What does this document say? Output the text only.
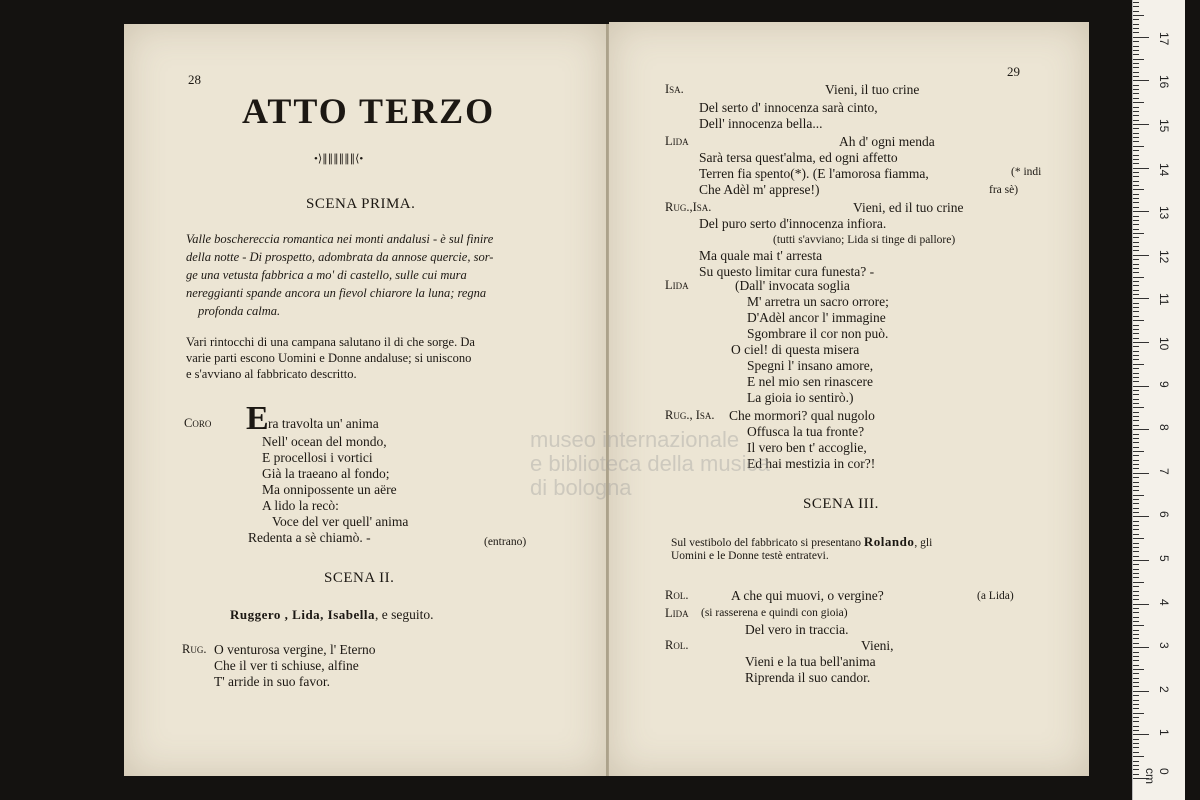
28
ATTO TERZO
•⟩∥∥∥∥∥∥⟨•
SCENA PRIMA.
Valle boschereccia romantica nei monti andalusi - è sul finire
della notte - Di prospetto, adombrata da annose quercie, sor-
ge una vetusta fabbrica a mo' di castello, sulle cui mura
nereggianti spande ancora un fievol chiarore la luna; regna
profonda calma.
Vari rintocchi di una campana salutano il di che sorge. Da
varie parti escono Uomini e Donne andaluse; si uniscono
e s'avviano al fabbricato descritto.
Coro E ra travolta un' anima
Nell' ocean del mondo,
E procellosi i vortici
Già la traeano al fondo;
Ma onnipossente un aëre
A lido la recò:
Voce del ver quell' anima
Redenta a sè chiamò. -	(entrano)
SCENA II.
Ruggero , Lida, Isabella, e seguito.
Rug. O venturosa vergine, l' Eterno
Che il ver ti schiuse, alfine
T' arride in suo favor.
29
Isa.	Vieni, il tuo crine
Del serto d' innocenza sarà cinto,
Dell' innocenza bella...
Lida	Ah d' ogni menda
Sarà tersa quest'alma, ed ogni affetto
Terren fia spento(*). (E l'amorosa fiamma,
Che Adèl m' apprese!)
(* indi
fra sè)
Rug.,Isa.	Vieni, ed il tuo crine
Del puro serto d'innocenza infiora.
(tutti s'avviano; Lida si tinge di pallore)
Ma quale mai t' arresta
Su questo limitar cura funesta? -
Lida	(Dall' invocata soglia
M' arretra un sacro orrore;
D'Adèl ancor l' immagine
Sgombrare il cor non può.
O ciel! di questa misera
Spegni l' insano amore,
E nel mio sen rinascere
La gioia io sentirò.)
Rug., Isa. Che mormori? qual nugolo
Offusca la tua fronte?
Il vero ben t' accoglie,
Ed hai mestizia in cor?!
SCENA III.
Sul vestibolo del fabbricato si presentano Rolando, gli
Uomini e le Donne testè entratevi.
Rol.	A che qui muovi, o vergine?	(a Lida)
Lida (si rasserena e quindi con gioia)
Del vero in traccia.
Rol.	Vieni,
Vieni e la tua bell'anima
Riprenda il suo candor.
museo internazionale
e biblioteca della musica
di bologna
0 cm
1
2
3
4
5
6
7
8
9
10
11
12
13
14
15
16
17
